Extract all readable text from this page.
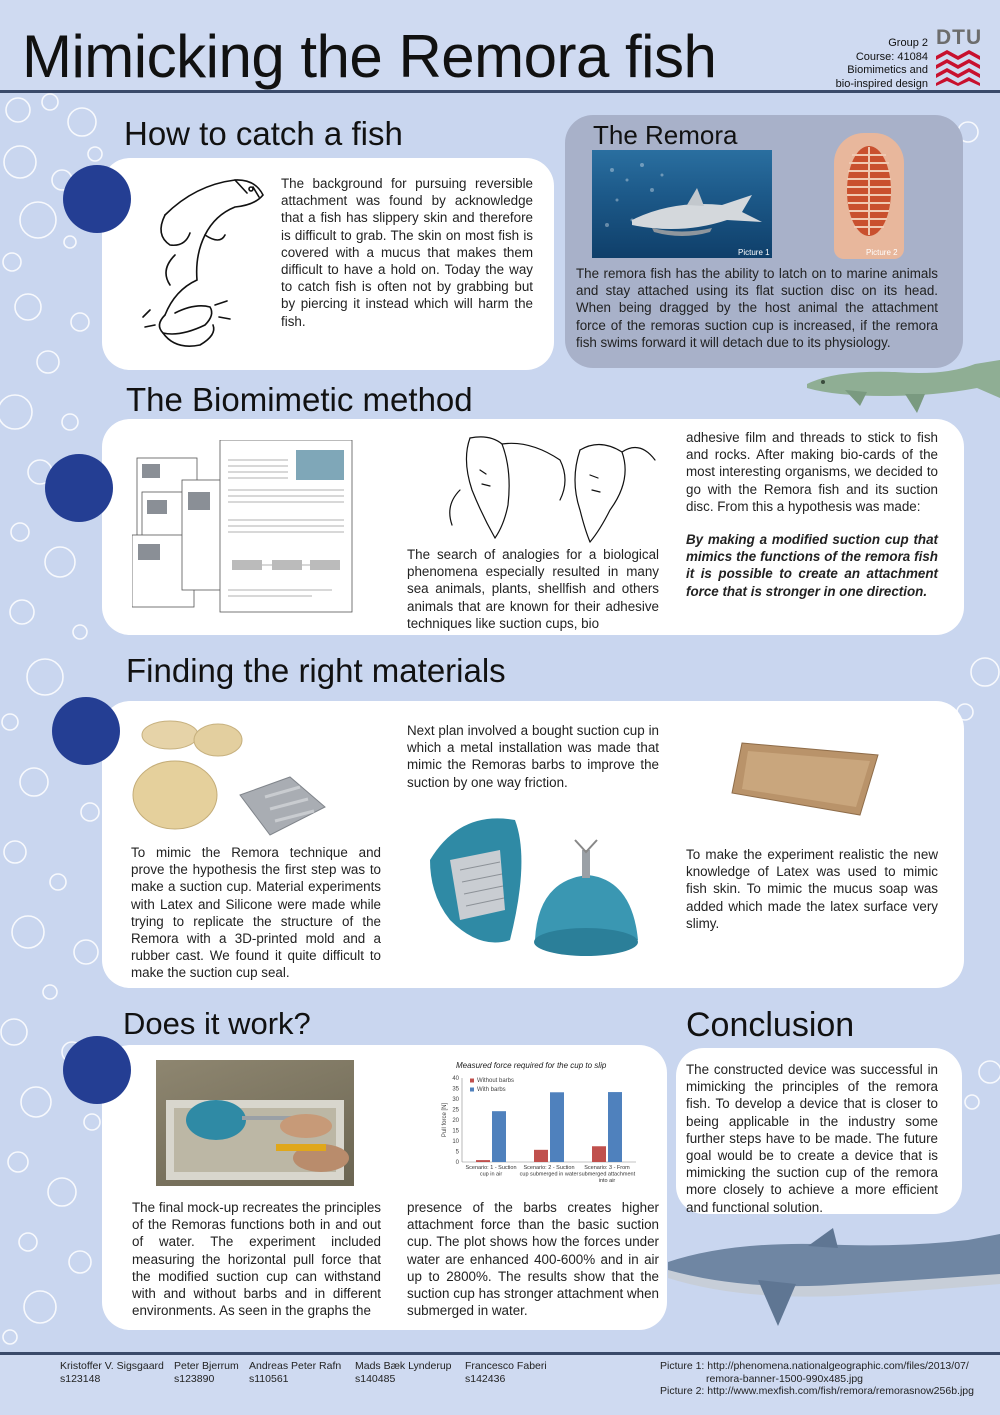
Mimicking the Remora fish	Group 2
Course: 41084
Biomimetics and
bio-inspired design
DTU
How to catch a fish
The background for pursuing reversible attachment was found by acknowledge that a fish has slippery skin and therefore is difficult to grab. The skin on most fish is covered with a mucus that makes them difficult to have a hold on. Today the way to catch fish is often not by grabbing but by piercing it instead which will harm the fish.
The Remora
Picture 1	Picture 2
The remora fish has the ability to latch on to marine animals and stay attached using its flat suction disc on its head. When being dragged by the host animal the attachment force of the remoras suction cup is increased, if the remora fish swims forward it will detach due to its physiology.
The Biomimetic method
The search of analogies for a biological phenomena especially resulted in many sea animals, plants, shellfish and others animals that are known for their adhesive techniques like suction cups, bio
adhesive film and threads to stick to fish and rocks. After making bio-cards of the most interesting organisms, we decided to go with the Remora fish and its suction disc. From this a hypothesis was made:
By making a modified suction cup that mimics the functions of the remora fish it is possible to create an attachment force that is stronger in one direction.
Finding the right materials
To mimic the Remora technique and prove the hypothesis the first step was to make a suction cup. Material experiments with Latex and Silicone were made while trying to replicate the structure of the Remora with a 3D-printed mold and a rubber cast. We found it quite difficult to make the suction cup seal.
Next plan involved a bought suction cup in which a metal installation was made that mimic the Remoras barbs to improve the suction by one way friction.
To make the experiment realistic the new knowledge of Latex was used to mimic fish skin. To mimic the mucus soap was added which made the latex surface very slimy.
Does it work?
The final mock-up recreates the principles of the Remoras functions both in and out of water. The experiment included measuring the horizontal pull force that the modified suction cup can withstand with and without barbs and in different environments. As seen in the graphs the
presence of the barbs creates higher attachment force than the basic suction cup. The plot shows how the forces under water are enhanced 400-600% and in air up to 2800%. The results show that the suction cup has stronger attachment when submerged in water.
Measured force required for the cup to slip
0
5
10
15
20
25
30
35
40
Pull force [N]
Scenario: 1 - Suction cup in air
Scenario: 2 - Suction cup submerged in water
Scenario: 3 - From submerged attachment into air
Without barbs
With barbs
Conclusion
The constructed device was successful in mimicking the principles of the remora fish. To develop a device that is closer to being applicable in the industry some further steps have to be made. The future goal would be to create a device that is mimicking the suction cup of the remora more closely to achieve a more efficient and functional solution.
Kristoffer V. Sigsgaard
s123148
Peter Bjerrum
s123890
Andreas Peter Rafn
s110561
Mads Bæk Lynderup
s140485
Francesco Faberi
s142436
Picture 1: http://phenomena.nationalgeographic.com/files/2013/07/
remora-banner-1500-990x485.jpg
Picture 2: http://www.mexfish.com/fish/remora/remorasnow256b.jpg
